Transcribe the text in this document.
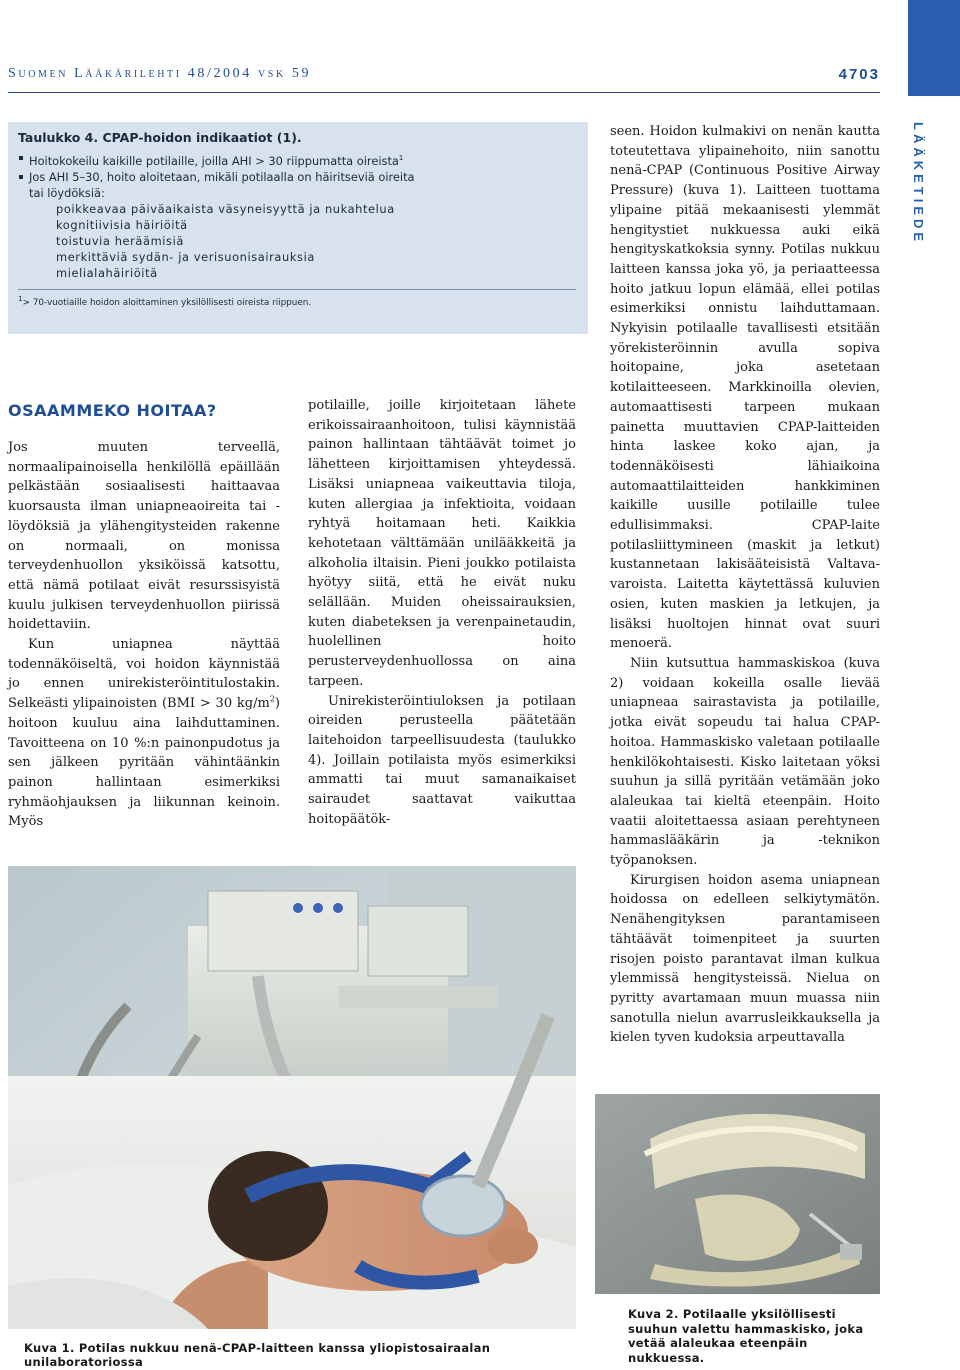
Suomen Lääkärilehti 48/2004 vsk 59	4703
LÄÄKETIEDE
Taulukko 4. CPAP-hoidon indikaatiot (1).
Hoitokokeilu kaikille potilaille, joilla AHI > 30 riippumatta oireista$^1$
Jos AHI 5–30, hoito aloitetaan, mikäli potilaalla on häiritseviä oireita
tai löydöksiä:
poikkeavaa päiväaikaista väsyneisyyttä ja nukahtelua
kognitiivisia häiriöitä
toistuvia heräämisiä
merkittäviä sydän- ja verisuonisairauksia
mielialahäiriöitä
$^1$> 70-vuotiaille hoidon aloittaminen yksilöllisesti oireista riippuen.
OSAAMMEKO HOITAA?

Jos muuten terveellä, normaalipainoisella henkilöllä epäillään pelkästään sosiaalisesti haittaavaa kuorsausta ilman uniapneaoireita tai -löydöksiä ja ylähengitysteiden rakenne on normaali, on monissa terveydenhuollon yksiköissä katsottu, että nämä potilaat eivät resurssisyistä kuulu julkisen terveydenhuollon piirissä hoidettaviin.

Kun uniapnea näyttää todennäköiseltä, voi hoidon käynnistää jo ennen unirekisteröintitulostakin. Selkeästi ylipainoisten (BMI > 30 $kg/m^2$) hoitoon kuuluu aina laihduttaminen. Tavoitteena on 10 %:n painonpudotus ja sen jälkeen pyritään vähintäänkin painon hallintaan esimerkiksi ryhmäohjauksen ja liikunnan keinoin. Myös

potilaille, joille kirjoitetaan lähete erikoissairaanhoitoon, tulisi käynnistää painon hallintaan tähtäävät toimet jo lähetteen kirjoittamisen yhteydessä. Lisäksi uniapneaa vaikeuttavia tiloja, kuten allergiaa ja infektioita, voidaan ryhtyä hoitamaan heti. Kaikkia kehotetaan välttämään unilääkkeitä ja alkoholia iltaisin. Pieni joukko potilaista hyötyy siitä, että he eivät nuku selällään. Muiden oheissairauksien, kuten diabeteksen ja verenpainetaudin, huolellinen hoito perusterveydenhuollossa on aina tarpeen.

Unirekisteröintiuloksen ja potilaan oireiden perusteella päätetään laitehoidon tarpeellisuudesta (taulukko 4). Joillain potilaista myös esimerkiksi ammatti tai muut samanaikaiset sairaudet saattavat vaikuttaa hoitopäätök-

seen. Hoidon kulmakivi on nenän kautta toteutettava ylipainehoito, niin sanottu nenä-CPAP (Continuous Positive Airway Pressure) (kuva 1). Laitteen tuottama ylipaine pitää mekaanisesti ylemmät hengitystiet nukkuessa auki eikä hengityskatkoksia synny. Potilas nukkuu laitteen kanssa joka yö, ja periaatteessa hoito jatkuu lopun elämää, ellei potilas esimerkiksi onnistu laihduttamaan. Nykyisin potilaalle tavallisesti etsitään yörekisteröinnin avulla sopiva hoitopaine, joka asetetaan kotilaitteeseen. Markkinoilla olevien, automaattisesti tarpeen mukaan painetta muuttavien CPAP-laitteiden hinta laskee koko ajan, ja todennäköisesti lähiaikoina automaattilaitteiden hankkiminen kaikille uusille potilaille tulee edullisimmaksi. CPAP-laite potilasliittymineen (maskit ja letkut) kustannetaan lakisääteisistä Valtava-varoista. Laitetta käytettässä kuluvien osien, kuten maskien ja letkujen, ja lisäksi huoltojen hinnat ovat suuri menoerä.

Niin kutsuttua hammaskiskoa (kuva 2) voidaan kokeilla osalle lievää uniapneaa sairastavista ja potilaille, jotka eivät sopeudu tai halua CPAP-hoitoa. Hammaskisko valetaan potilaalle henkilökohtaisesti. Kisko laitetaan yöksi suuhun ja sillä pyritään vetämään joko alaleukaa tai kieltä eteenpäin. Hoito vaatii aloitettaessa asiaan perehtyneen hammaslääkärin ja -teknikon työpanoksen.

Kirurgisen hoidon asema uniapnean hoidossa on edelleen selkiytymätön. Nenähengityksen parantamiseen tähtäävät toimenpiteet ja suurten risojen poisto parantavat ilman kulkua ylemmissä hengitysteissä. Nielua on pyritty avartamaan muun muassa niin sanotulla nielun avarrusleikkauksella ja kielen tyven kudoksia arpeuttavalla

Kuva 1. Potilas nukkuu nenä-CPAP-laitteen kanssa yliopistosairaalan unilaboratoriossa

Kuva 2. Potilaalle yksilöllisesti suuhun valettu hammaskisko, joka vetää alaleukaa eteenpäin nukkuessa.
